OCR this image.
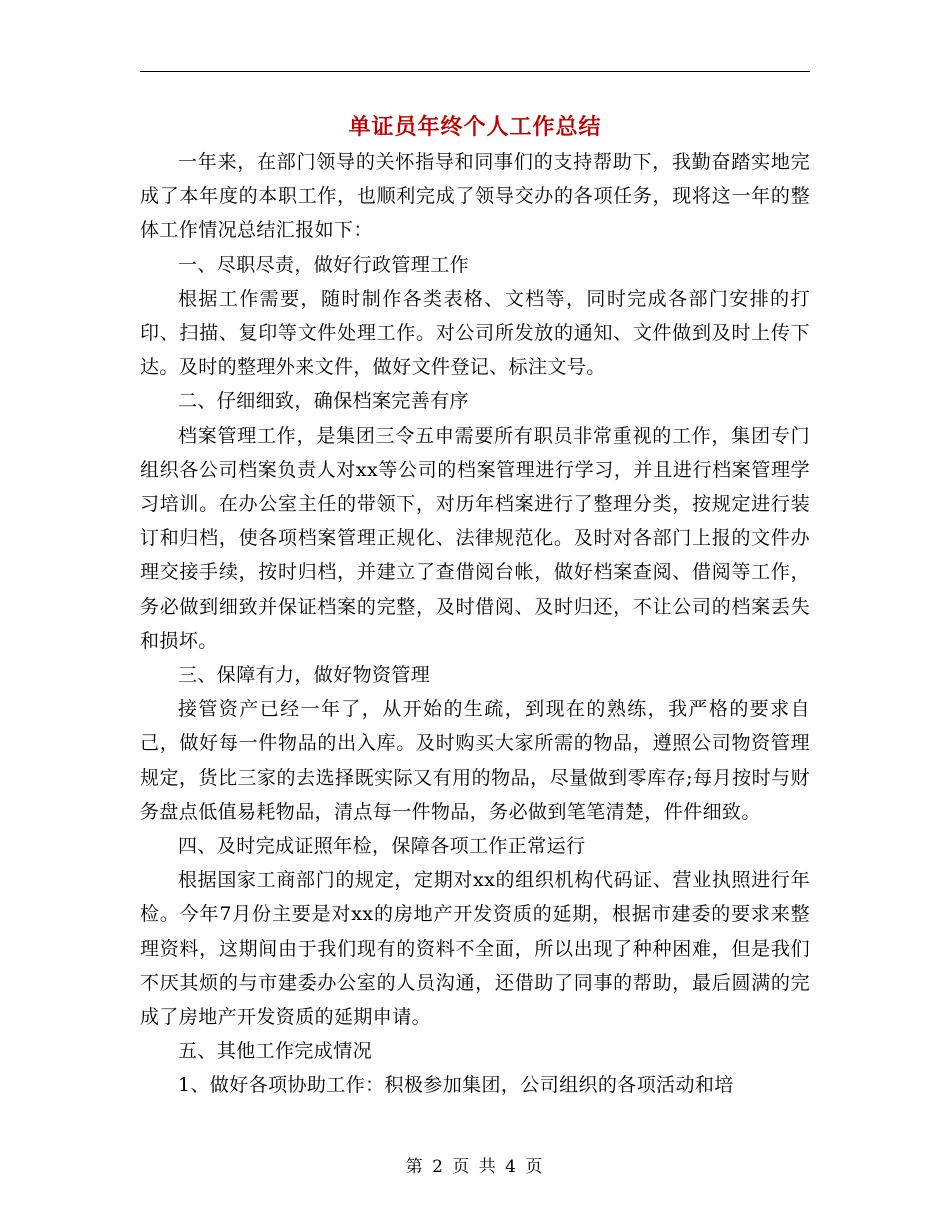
单证员年终个人工作总结

一年来，在部门领导的关怀指导和同事们的支持帮助下，我勤奋踏实地完成了本年度的本职工作，也顺利完成了领导交办的各项任务，现将这一年的整体工作情况总结汇报如下：

一、尽职尽责，做好行政管理工作

根据工作需要，随时制作各类表格、文档等，同时完成各部门安排的打印、扫描、复印等文件处理工作。对公司所发放的通知、文件做到及时上传下达。及时的整理外来文件，做好文件登记、标注文号。

二、仔细细致，确保档案完善有序

档案管理工作，是集团三令五申需要所有职员非常重视的工作，集团专门组织各公司档案负责人对xx等公司的档案管理进行学习，并且进行档案管理学习培训。在办公室主任的带领下，对历年档案进行了整理分类，按规定进行装订和归档，使各项档案管理正规化、法律规范化。及时对各部门上报的文件办理交接手续，按时归档，并建立了查借阅台帐，做好档案查阅、借阅等工作，务必做到细致并保证档案的完整，及时借阅、及时归还，不让公司的档案丢失和损坏。

三、保障有力，做好物资管理

接管资产已经一年了，从开始的生疏，到现在的熟练，我严格的要求自己，做好每一件物品的出入库。及时购买大家所需的物品，遵照公司物资管理规定，货比三家的去选择既实际又有用的物品，尽量做到零库存;每月按时与财务盘点低值易耗物品，清点每一件物品，务必做到笔笔清楚，件件细致。

四、及时完成证照年检，保障各项工作正常运行

根据国家工商部门的规定，定期对xx的组织机构代码证、营业执照进行年检。今年7月份主要是对xx的房地产开发资质的延期，根据市建委的要求来整理资料，这期间由于我们现有的资料不全面，所以出现了种种困难，但是我们不厌其烦的与市建委办公室的人员沟通，还借助了同事的帮助，最后圆满的完成了房地产开发资质的延期申请。

五、其他工作完成情况

1、做好各项协助工作：积极参加集团，公司组织的各项活动和培

第 2 页 共 4 页
